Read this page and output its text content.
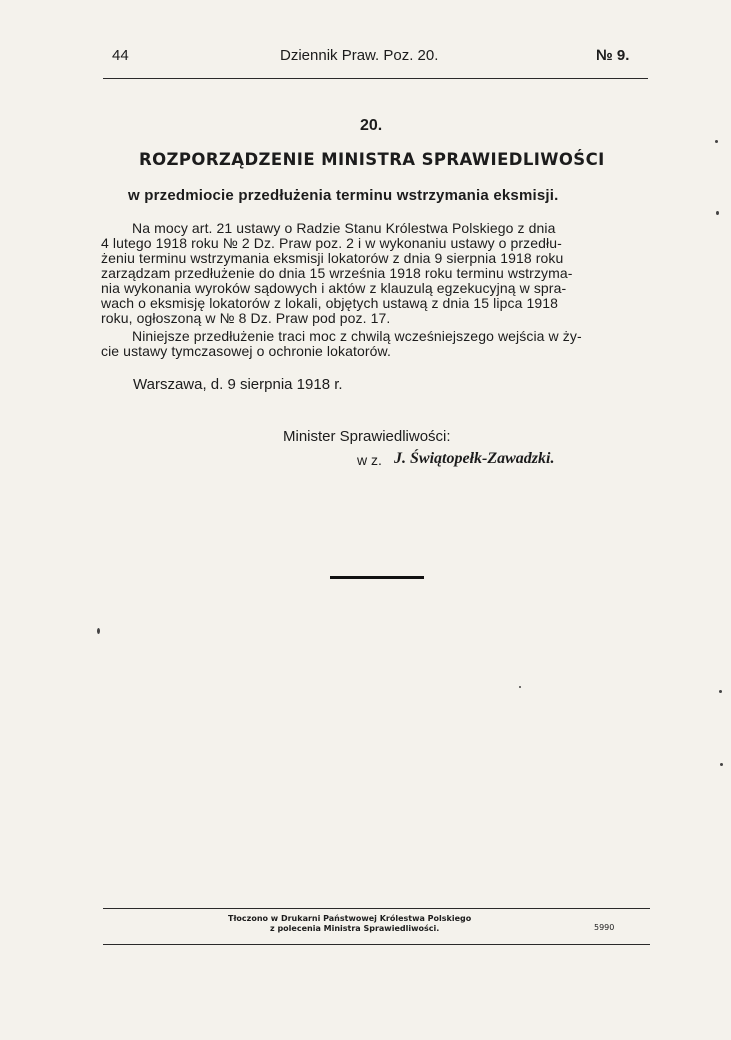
44	Dziennik Praw. Poz. 20.	№ 9.
20.
ROZPORZĄDZENIE MINISTRA SPRAWIEDLIWOŚCI
w przedmiocie przedłużenia terminu wstrzymania eksmisji.
Na mocy art. 21 ustawy o Radzie Stanu Królestwa Polskiego z dnia
4 lutego 1918 roku № 2 Dz. Praw poz. 2 i w wykonaniu ustawy o przedłu-
żeniu terminu wstrzymania eksmisji lokatorów z dnia 9 sierpnia 1918 roku
zarządzam przedłużenie do dnia 15 września 1918 roku terminu wstrzyma-
nia wykonania wyroków sądowych i aktów z klauzulą egzekucyjną w spra-
wach o eksmisję lokatorów z lokali, objętych ustawą z dnia 15 lipca 1918
roku, ogłoszoną w № 8 Dz. Praw pod poz. 17.
Niniejsze przedłużenie traci moc z chwilą wcześniejszego wejścia w ży-
cie ustawy tymczasowej o ochronie lokatorów.
Warszawa, d. 9 sierpnia 1918 r.
Minister Sprawiedliwości:
w z. J. Świątopełk-Zawadzki.
Tłoczono w Drukarni Państwowej Królestwa Polskiego
z polecenia Ministra Sprawiedliwości.	5990
